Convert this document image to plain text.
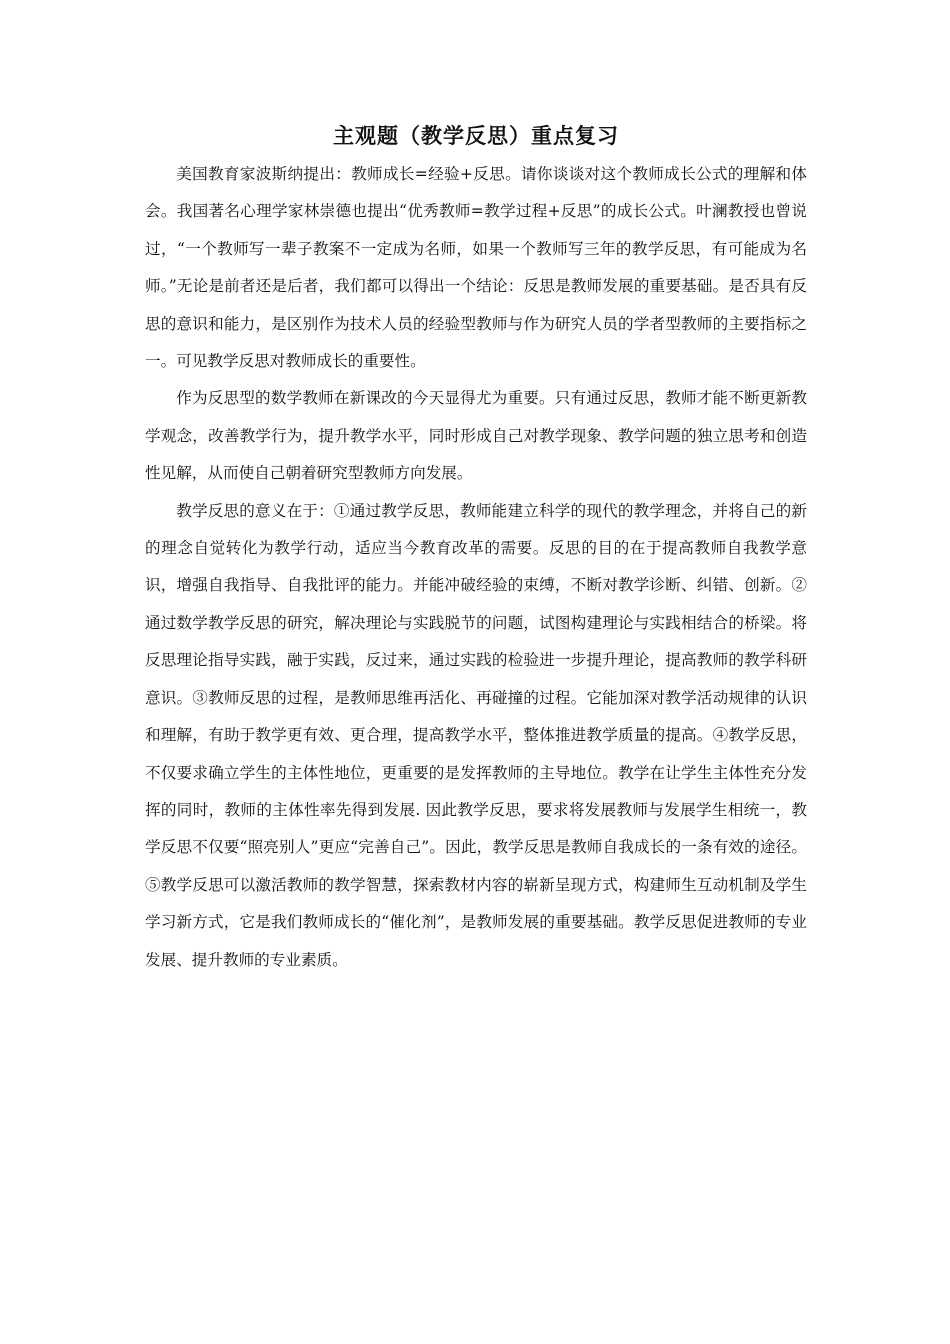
主观题（教学反思）重点复习

美国教育家波斯纳提出：教师成长=经验+反思。请你谈谈对这个教师成长公式的理解和体会。我国著名心理学家林崇德也提出“优秀教师=教学过程+反思”的成长公式。叶澜教授也曾说过，“一个教师写一辈子教案不一定成为名师，如果一个教师写三年的教学反思，有可能成为名师。”无论是前者还是后者，我们都可以得出一个结论：反思是教师发展的重要基础。是否具有反思的意识和能力，是区别作为技术人员的经验型教师与作为研究人员的学者型教师的主要指标之一。可见教学反思对教师成长的重要性。

作为反思型的数学教师在新课改的今天显得尤为重要。只有通过反思，教师才能不断更新教学观念，改善教学行为，提升教学水平，同时形成自己对教学现象、教学问题的独立思考和创造性见解，从而使自己朝着研究型教师方向发展。

教学反思的意义在于：①通过教学反思，教师能建立科学的现代的教学理念，并将自己的新的理念自觉转化为教学行动，适应当今教育改革的需要。反思的目的在于提高教师自我教学意识，增强自我指导、自我批评的能力。并能冲破经验的束缚，不断对教学诊断、纠错、创新。②通过数学教学反思的研究，解决理论与实践脱节的问题，试图构建理论与实践相结合的桥梁。将反思理论指导实践，融于实践，反过来，通过实践的检验进一步提升理论，提高教师的教学科研意识。③教师反思的过程，是教师思维再活化、再碰撞的过程。它能加深对教学活动规律的认识和理解，有助于教学更有效、更合理，提高教学水平，整体推进教学质量的提高。④教学反思，不仅要求确立学生的主体性地位，更重要的是发挥教师的主导地位。教学在让学生主体性充分发挥的同时，教师的主体性率先得到发展. 因此教学反思，要求将发展教师与发展学生相统一，教学反思不仅要“照亮别人”更应“完善自己”。因此，教学反思是教师自我成长的一条有效的途径。⑤教学反思可以激活教师的教学智慧，探索教材内容的崭新呈现方式，构建师生互动机制及学生学习新方式，它是我们教师成长的“催化剂”，是教师发展的重要基础。教学反思促进教师的专业发展、提升教师的专业素质。
